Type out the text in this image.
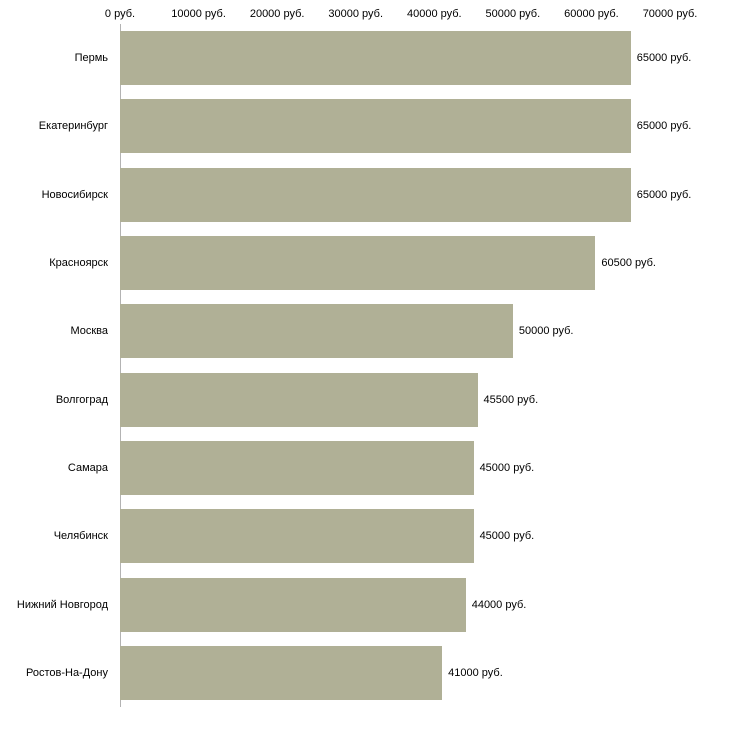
0 руб.	10000 руб. 20000 руб. 30000 руб. 40000 руб. 50000 руб. 60000 руб. 70000 руб.
Пермь
Екатеринбург
Новосибирск
Красноярск
Москва
Волгоград
Самара
Челябинск
Нижний Новгород
Ростов-На-Дону
65000 руб.
65000 руб.
65000 руб.
60500 руб.
50000 руб.
45500 руб.
45000 руб.
45000 руб.
44000 руб.
41000 руб.
